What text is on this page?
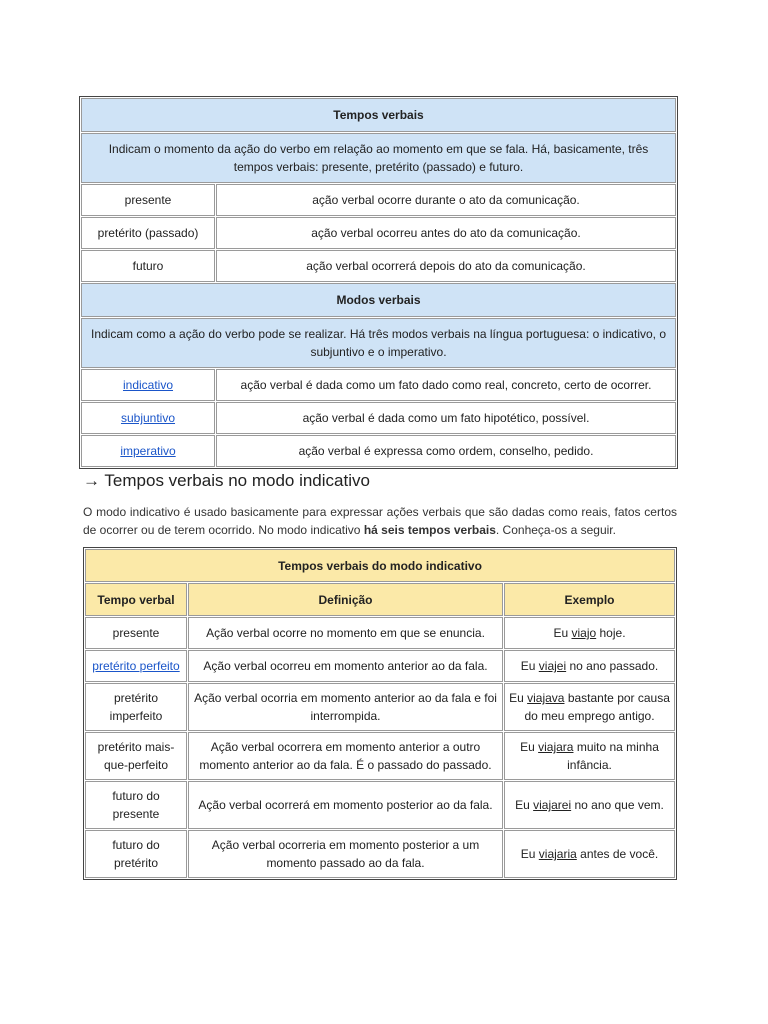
Tempos verbais	
Indicam o momento da ação do verbo em relação ao momento em que se fala. Há, basicamente, três tempos verbais: presente, pretérito (passado) e futuro.	
presente	ação verbal ocorre durante o ato da comunicação.
pretérito (passado)	ação verbal ocorreu antes do ato da comunicação.
futuro	ação verbal ocorrerá depois do ato da comunicação.
Modos verbais	
Indicam como a ação do verbo pode se realizar. Há três modos verbais na língua portuguesa: o indicativo, o subjuntivo e o imperativo.	
indicativo	ação verbal é dada como um fato dado como real, concreto, certo de ocorrer.
subjuntivo	ação verbal é dada como um fato hipotético, possível.
imperativo	ação verbal é expressa como ordem, conselho, pedido.
→ Tempos verbais no modo indicativo

O modo indicativo é usado basicamente para expressar ações verbais que são dadas como reais, fatos certos de ocorrer ou de terem ocorrido. No modo indicativo há seis tempos verbais. Conheça-os a seguir.

Tempos verbais do modo indicativo		
Tempo verbal	Definição	Exemplo
presente	Ação verbal ocorre no momento em que se enuncia.	Eu viajo hoje.
pretérito perfeito	Ação verbal ocorreu em momento anterior ao da fala.	Eu viajei no ano passado.
pretérito imperfeito	Ação verbal ocorria em momento anterior ao da fala e foi interrompida.	Eu viajava bastante por causa do meu emprego antigo.
pretérito mais-que-perfeito	Ação verbal ocorrera em momento anterior a outro momento anterior ao da fala. É o passado do passado.	Eu viajara muito na minha infância.
futuro do presente	Ação verbal ocorrerá em momento posterior ao da fala.	Eu viajarei no ano que vem.
futuro do pretérito	Ação verbal ocorreria em momento posterior a um momento passado ao da fala.	Eu viajaria antes de você.
